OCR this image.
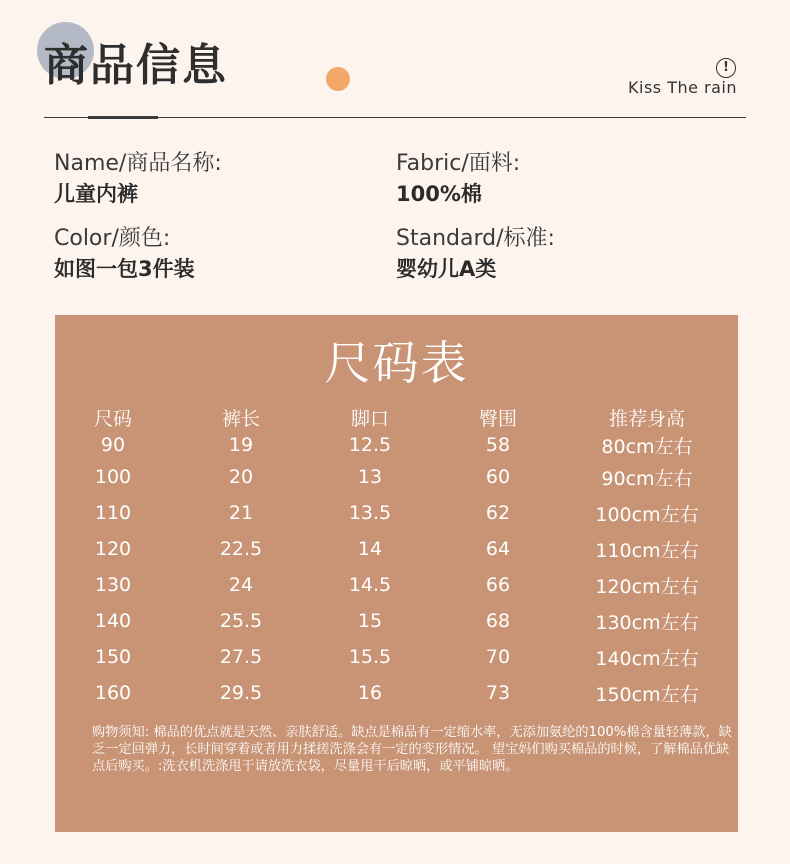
商品信息	!
Kiss The rain
Name/商品名称:
儿童内裤
Fabric/面料:
100%棉
Color/颜色:
如图一包3件装
Standard/标准:
婴幼儿A类
尺码表
尺码	裤长	脚口	臀围	推荐身高
90	19	12.5	58	80cm左右
100	20	13	60	90cm左右
110	21	13.5	62	100cm左右
120	22.5	14	64	110cm左右
130	24	14.5	66	120cm左右
140	25.5	15	68	130cm左右
150	27.5	15.5	70	140cm左右
160	29.5	16	73	150cm左右

购物须知: 棉品的优点就是天然、亲肤舒适。缺点是棉品有一定缩水率，无添加氨纶的100%棉含量轻薄款，缺乏一定回弹力，长时间穿着或者用力揉搓洗涤会有一定的变形情况。 望宝妈们购买棉品的时候，了解棉品优缺点后购买。:洗衣机洗涤甩干请放洗衣袋，尽量甩干后晾晒，或平铺晾晒。
